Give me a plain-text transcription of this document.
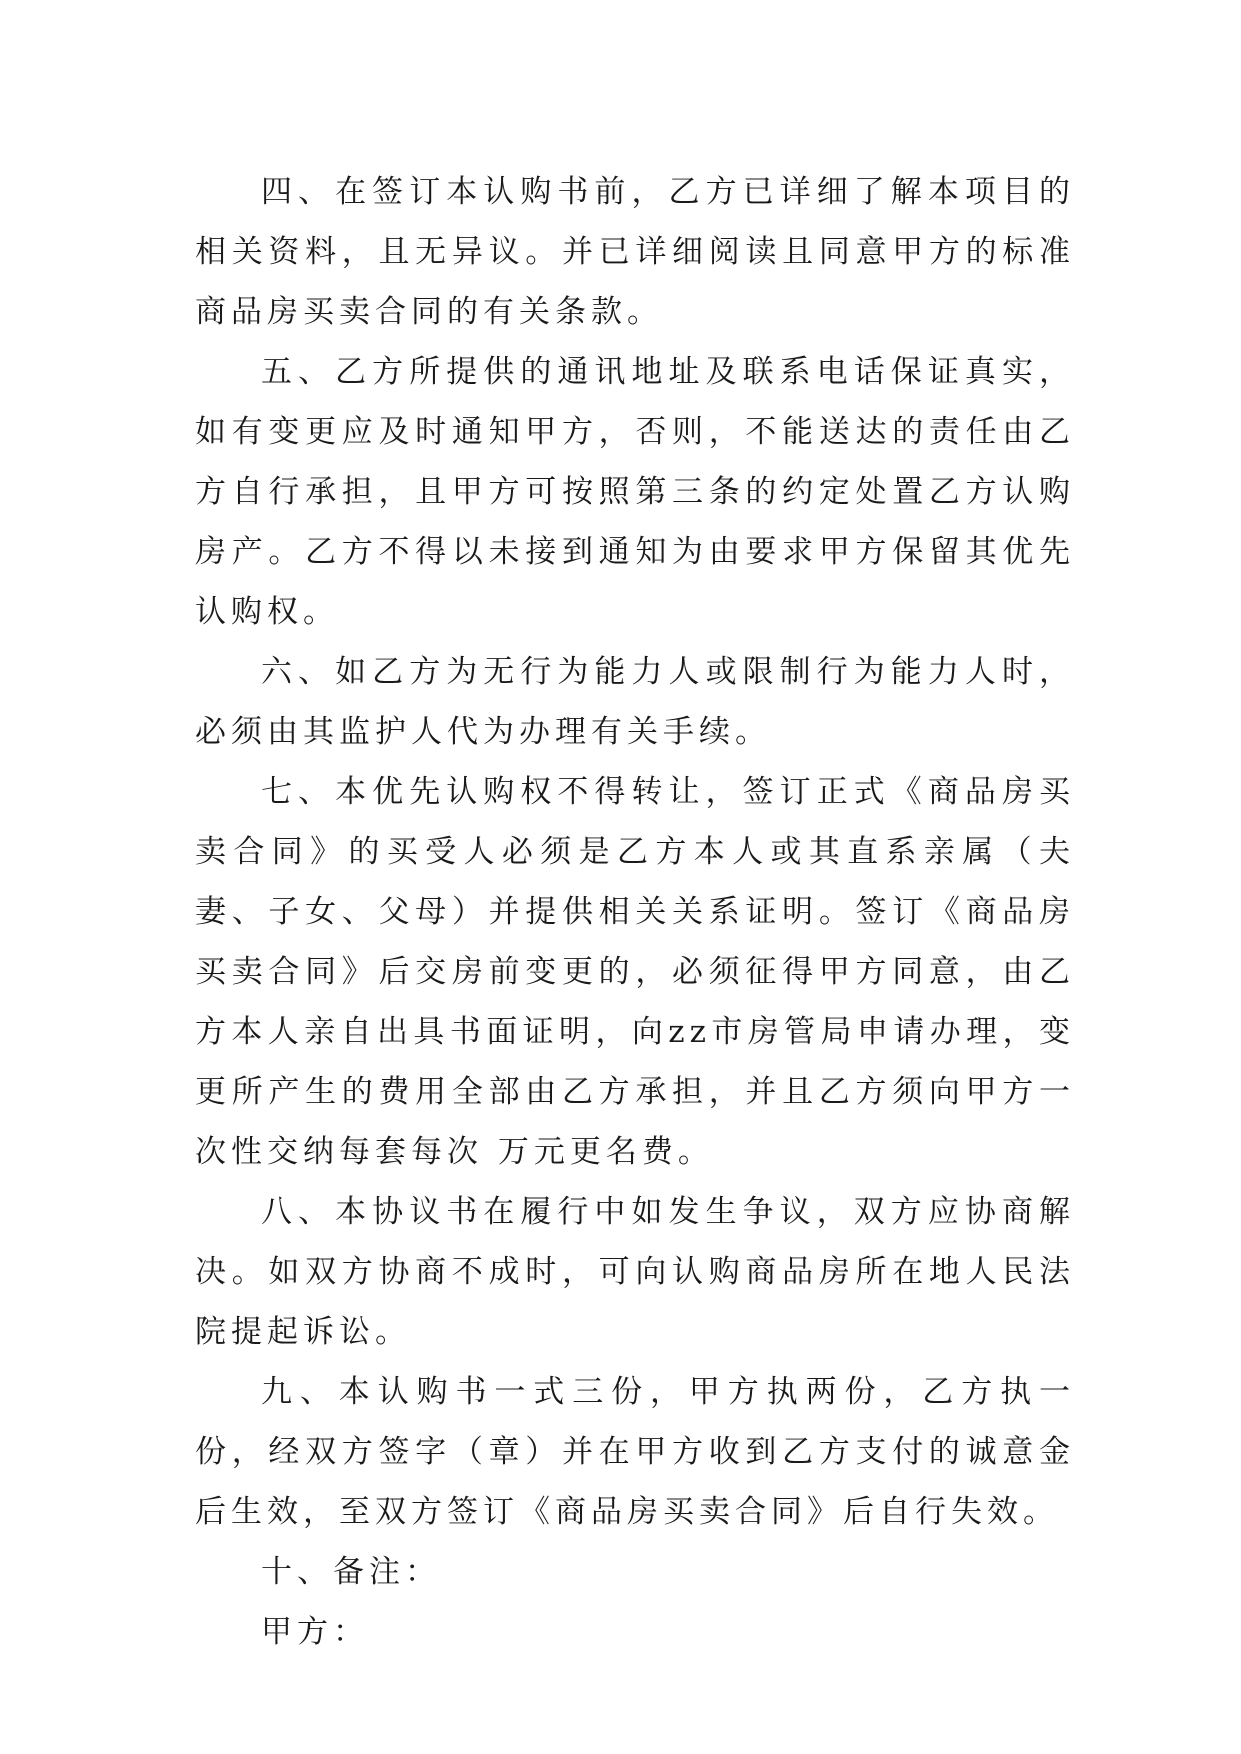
四、在签订本认购书前，乙方已详细了解本项目的相关资料，且无异议。并已详细阅读且同意甲方的标准商品房买卖合同的有关条款。

五、乙方所提供的通讯地址及联系电话保证真实，如有变更应及时通知甲方，否则，不能送达的责任由乙方自行承担，且甲方可按照第三条的约定处置乙方认购房产。乙方不得以未接到通知为由要求甲方保留其优先认购权。

六、如乙方为无行为能力人或限制行为能力人时，必须由其监护人代为办理有关手续。

七、本优先认购权不得转让，签订正式《商品房买卖合同》的买受人必须是乙方本人或其直系亲属（夫妻、子女、父母）并提供相关关系证明。签订《商品房买卖合同》后交房前变更的，必须征得甲方同意，由乙方本人亲自出具书面证明，向zz市房管局申请办理，变更所产生的费用全部由乙方承担，并且乙方须向甲方一次性交纳每套每次 万元更名费。

八、本协议书在履行中如发生争议，双方应协商解决。如双方协商不成时，可向认购商品房所在地人民法院提起诉讼。

九、本认购书一式三份，甲方执两份，乙方执一份，经双方签字（章）并在甲方收到乙方支付的诚意金后生效，至双方签订《商品房买卖合同》后自行失效。

十、备注：

甲方：
